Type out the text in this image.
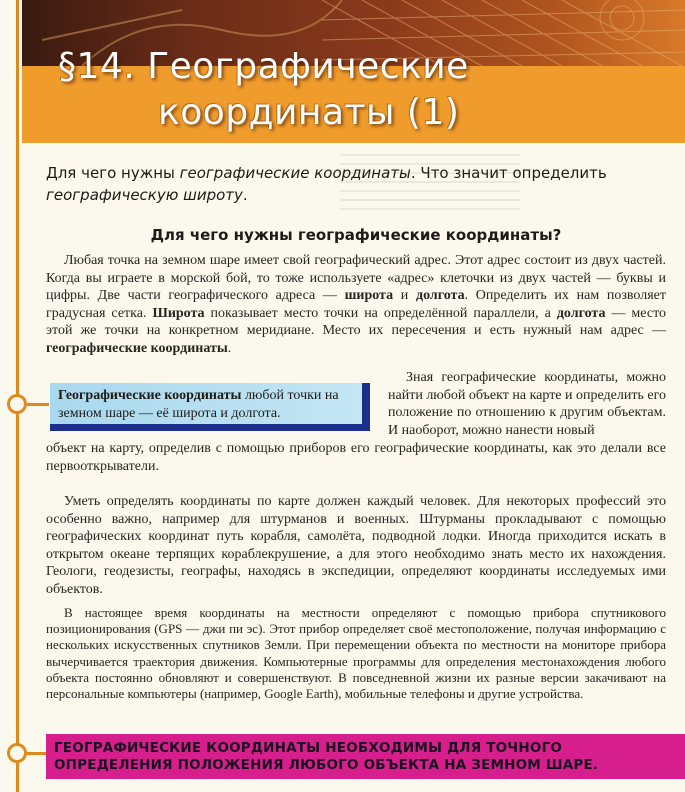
§14. Географические
координаты (1)
Для чего нужны географические координаты. Что значит определить географическую широту.
Для чего нужны географические координаты?
Любая точка на земном шаре имеет свой географический адрес. Этот адрес состоит из двух частей. Когда вы играете в морской бой, то тоже используете «адрес» клеточки из двух частей — буквы и цифры. Две части географического адреса — широта и долгота. Определить их нам позволяет градусная сетка. Широта показывает место точки на определённой параллели, а долгота — место этой же точки на конкретном меридиане. Место их пересечения и есть нужный нам адрес — географические координаты.
Географические координаты любой точки на земном шаре — её широта и долгота.
Зная географические координаты, можно найти любой объект на карте и определить его положение по отношению к другим объектам. И наоборот, можно нанести новый
объект на карту, определив с помощью приборов его географические координаты, как это делали все первооткрыватели.
Уметь определять координаты по карте должен каждый человек. Для некоторых профессий это особенно важно, например для штурманов и военных. Штурманы прокладывают с помощью географических координат путь корабля, самолёта, подводной лодки. Иногда приходится искать в открытом океане терпящих кораблекрушение, а для этого необходимо знать место их нахождения. Геологи, геодезисты, географы, находясь в экспедиции, определяют координаты исследуемых ими объектов.
В настоящее время координаты на местности определяют с помощью прибора спутникового позиционирования (GPS — джи пи эс). Этот прибор определяет своё местоположение, получая информацию с нескольких искусственных спутников Земли. При перемещении объекта по местности на мониторе прибора вычерчивается траектория движения. Компьютерные программы для определения местонахождения любого объекта постоянно обновляют и совершенствуют. В повседневной жизни их разные версии закачивают на персональные компьютеры (например, Google Earth), мобильные телефоны и другие устройства.
ГЕОГРАФИЧЕСКИЕ КООРДИНАТЫ НЕОБХОДИМЫ ДЛЯ ТОЧНОГО ОПРЕДЕЛЕНИЯ ПОЛОЖЕНИЯ ЛЮБОГО ОБЪЕКТА НА ЗЕМНОМ ШАРЕ.
